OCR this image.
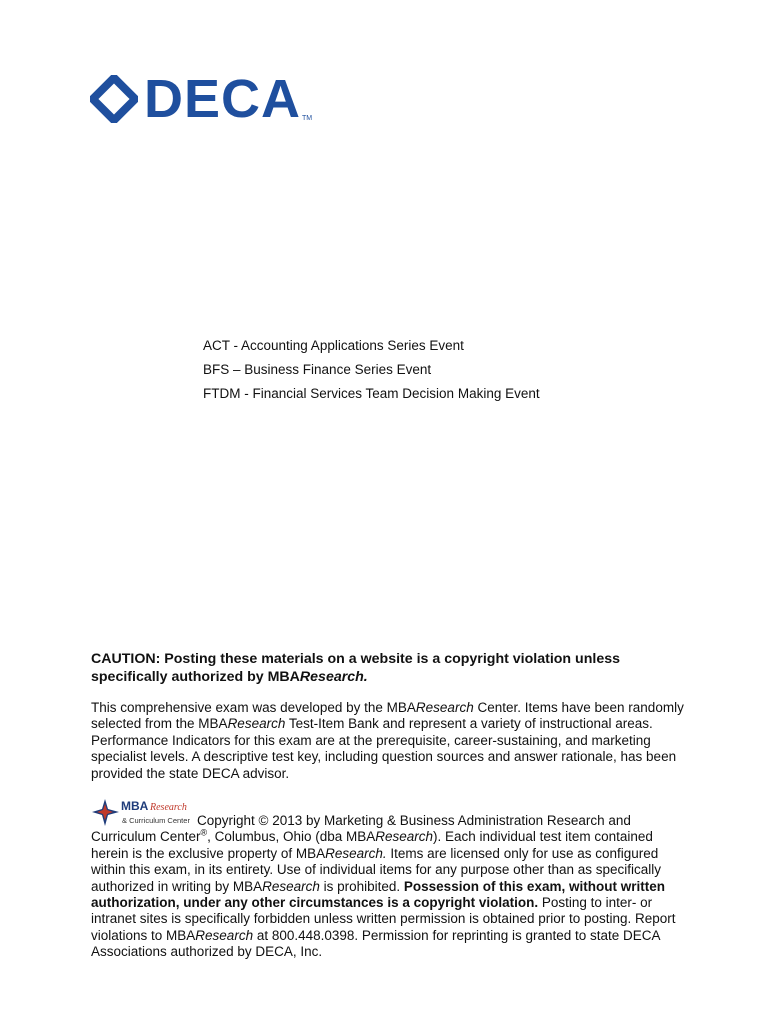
DECA TM
ACT - Accounting Applications Series Event
BFS – Business Finance Series Event
FTDM - Financial Services Team Decision Making Event
CAUTION: Posting these materials on a website is a copyright violation unless specifically authorized by MBAResearch.
This comprehensive exam was developed by the MBAResearch Center. Items have been randomly selected from the MBAResearch Test-Item Bank and represent a variety of instructional areas. Performance Indicators for this exam are at the prerequisite, career-sustaining, and marketing specialist levels. A descriptive test key, including question sources and answer rationale, has been provided the state DECA advisor.
MBA Research
& Curriculum Center Copyright © 2013 by Marketing & Business Administration Research and Curriculum Center®, Columbus, Ohio (dba MBAResearch). Each individual test item contained herein is the exclusive property of MBAResearch. Items are licensed only for use as configured within this exam, in its entirety. Use of individual items for any purpose other than as specifically authorized in writing by MBAResearch is prohibited. Possession of this exam, without written authorization, under any other circumstances is a copyright violation. Posting to inter- or intranet sites is specifically forbidden unless written permission is obtained prior to posting. Report violations to MBAResearch at 800.448.0398. Permission for reprinting is granted to state DECA Associations authorized by DECA, Inc.
